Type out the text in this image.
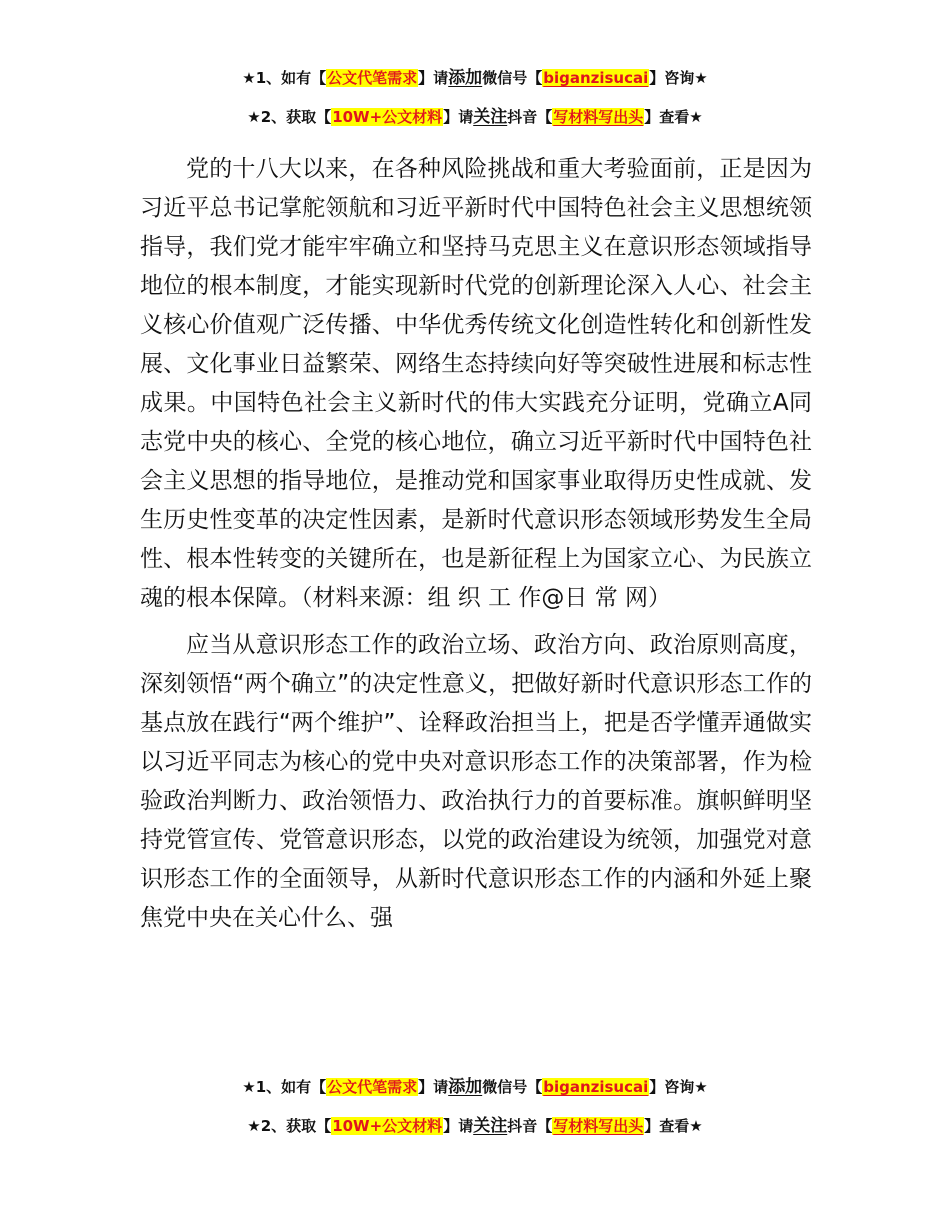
★1、如有【公文代笔需求】请添加微信号【biganzisucai】咨询★
★2、获取【10W+公文材料】请关注抖音【写材料写出头】查看★

党的十八大以来，在各种风险挑战和重大考验面前，正是因为习近平总书记掌舵领航和习近平新时代中国特色社会主义思想统领指导，我们党才能牢牢确立和坚持马克思主义在意识形态领域指导地位的根本制度，才能实现新时代党的创新理论深入人心、社会主义核心价值观广泛传播、中华优秀传统文化创造性转化和创新性发展、文化事业日益繁荣、网络生态持续向好等突破性进展和标志性成果。中国特色社会主义新时代的伟大实践充分证明，党确立A同志党中央的核心、全党的核心地位，确立习近平新时代中国特色社会主义思想的指导地位，是推动党和国家事业取得历史性成就、发生历史性变革的决定性因素，是新时代意识形态领域形势发生全局性、根本性转变的关键所在，也是新征程上为国家立心、为民族立魂的根本保障。（材料来源：组 织 工 作@日 常 网）

应当从意识形态工作的政治立场、政治方向、政治原则高度，深刻领悟“两个确立”的决定性意义，把做好新时代意识形态工作的基点放在践行“两个维护”、诠释政治担当上，把是否学懂弄通做实以习近平同志为核心的党中央对意识形态工作的决策部署，作为检验政治判断力、政治领悟力、政治执行力的首要标准。旗帜鲜明坚持党管宣传、党管意识形态，以党的政治建设为统领，加强党对意识形态工作的全面领导，从新时代意识形态工作的内涵和外延上聚焦党中央在关心什么、强

★1、如有【公文代笔需求】请添加微信号【biganzisucai】咨询★
★2、获取【10W+公文材料】请关注抖音【写材料写出头】查看★
